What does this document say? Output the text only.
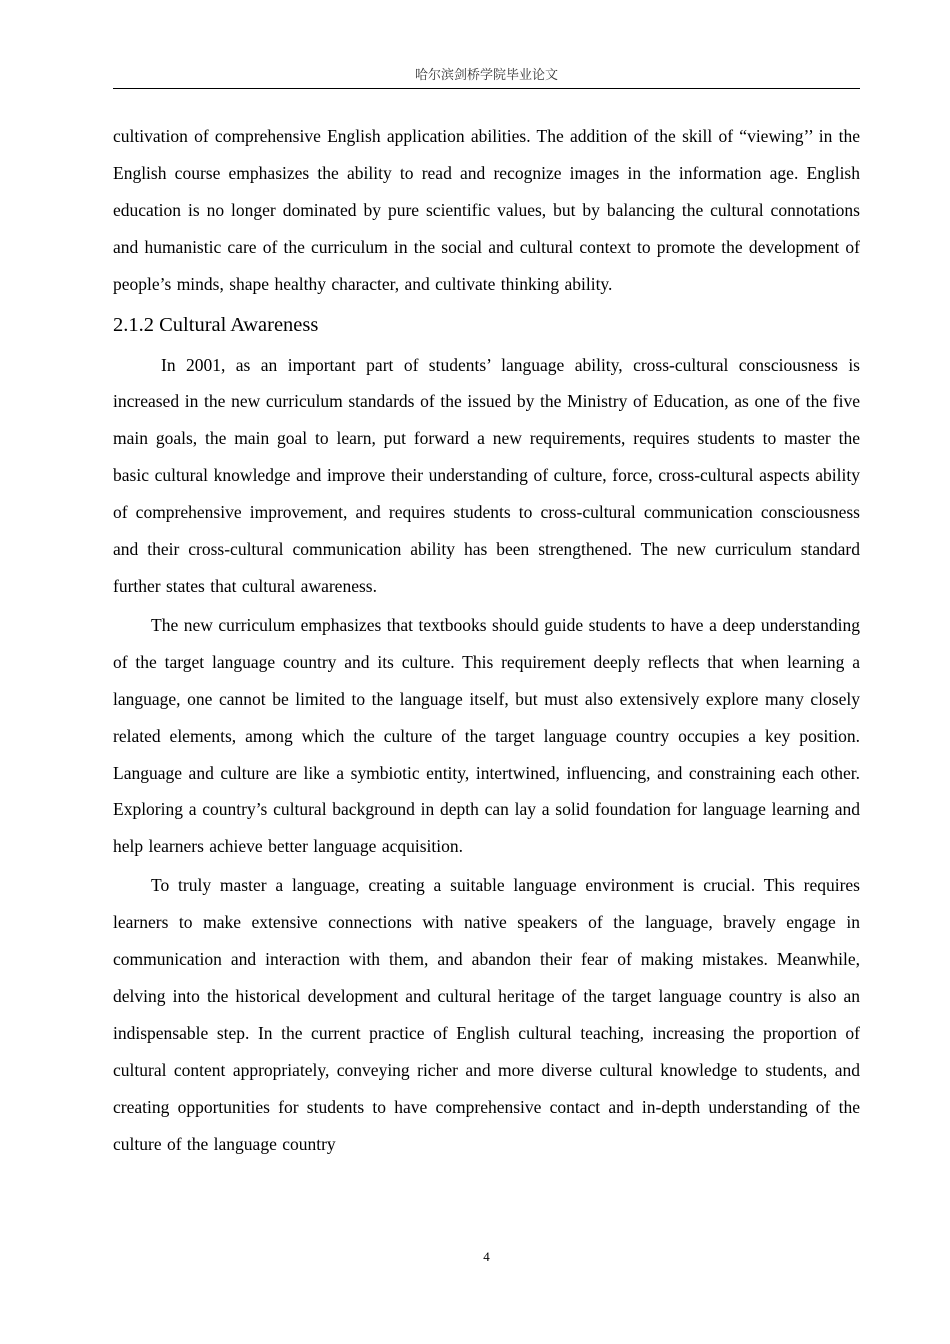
哈尔滨剑桥学院毕业论文

cultivation of comprehensive English application abilities. The addition of the skill of “viewing’’ in the English course emphasizes the ability to read and recognize images in the information age. English education is no longer dominated by pure scientific values, but by balancing the cultural connotations and humanistic care of the curriculum in the social and cultural context to promote the development of people’s minds, shape healthy character, and cultivate thinking ability.

2.1.2 Cultural Awareness

In 2001, as an important part of students’ language ability, cross-cultural consciousness is increased in the new curriculum standards of the issued by the Ministry of Education, as one of the five main goals, the main goal to learn, put forward a new requirements, requires students to master the basic cultural knowledge and improve their understanding of culture, force, cross-cultural aspects ability of comprehensive improvement, and requires students to cross-cultural communication consciousness and their cross-cultural communication ability has been strengthened. The new curriculum standard further states that cultural awareness.

The new curriculum emphasizes that textbooks should guide students to have a deep understanding of the target language country and its culture. This requirement deeply reflects that when learning a language, one cannot be limited to the language itself, but must also extensively explore many closely related elements, among which the culture of the target language country occupies a key position. Language and culture are like a symbiotic entity, intertwined, influencing, and constraining each other. Exploring a country’s cultural background in depth can lay a solid foundation for language learning and help learners achieve better language acquisition.

To truly master a language, creating a suitable language environment is crucial. This requires learners to make extensive connections with native speakers of the language, bravely engage in communication and interaction with them, and abandon their fear of making mistakes. Meanwhile, delving into the historical development and cultural heritage of the target language country is also an indispensable step. In the current practice of English cultural teaching, increasing the proportion of cultural content appropriately, conveying richer and more diverse cultural knowledge to students, and creating opportunities for students to have comprehensive contact and in-depth understanding of the culture of the language country

4
